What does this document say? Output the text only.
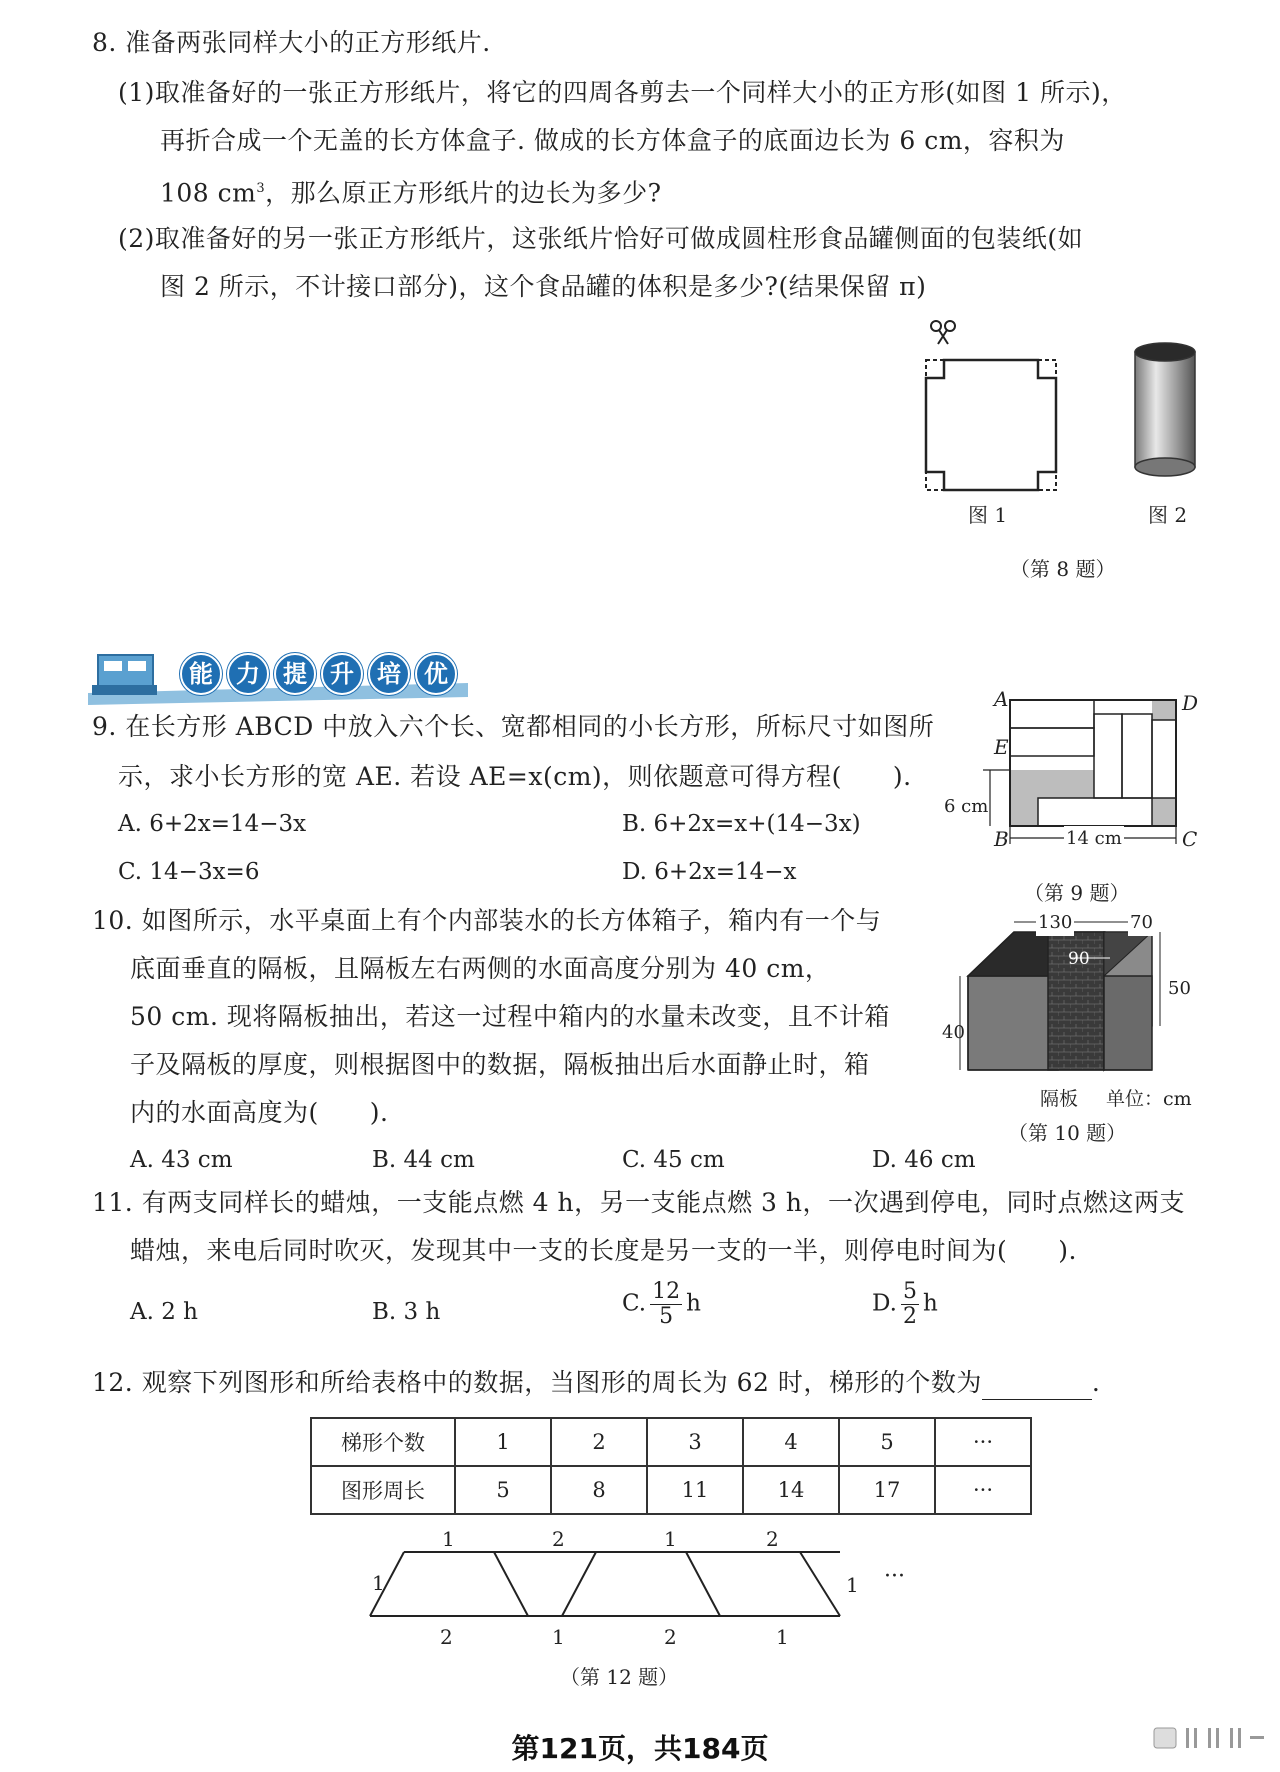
8. 准备两张同样大小的正方形纸片.
(1)取准备好的一张正方形纸片，将它的四周各剪去一个同样大小的正方形(如图 1 所示)，
再折合成一个无盖的长方体盒子. 做成的长方体盒子的底面边长为 6 cm，容积为
108 $cm^3$，那么原正方形纸片的边长为多少?
(2)取准备好的另一张正方形纸片，这张纸片恰好可做成圆柱形食品罐侧面的包装纸(如
图 2 所示，不计接口部分)，这个食品罐的体积是多少?(结果保留 π)
图 1	图 2
（第 8 题）
能 力 提 升 培 优
9. 在长方形 ABCD 中放入六个长、宽都相同的小长方形，所标尺寸如图所
示，求小长方形的宽 AE. 若设 AE=x(cm)，则依题意可得方程(　　).
A. 6+2x=14−3x	B. 6+2x=x+(14−3x)
C. 14−3x=6	D. 6+2x=14−x
A	D
E
B	C
6 cm
14 cm
（第 9 题）
10. 如图所示，水平桌面上有个内部装水的长方体箱子，箱内有一个与
底面垂直的隔板，且隔板左右两侧的水面高度分别为 40 cm，
50 cm. 现将隔板抽出，若这一过程中箱内的水量未改变，且不计箱
子及隔板的厚度，则根据图中的数据，隔板抽出后水面静止时，箱
内的水面高度为(　　).
A. 43 cm	B. 44 cm	C. 45 cm	D. 46 cm
130	70
90
50
40
隔板 单位：cm
（第 10 题）
11. 有两支同样长的蜡烛，一支能点燃 4 h，另一支能点燃 3 h，一次遇到停电，同时点燃这两支
蜡烛，来电后同时吹灭，发现其中一支的长度是另一支的一半，则停电时间为(　　).
A. 2 h	B. 3 h	C. $\frac{12}{5}$ h	D. $\frac{5}{2}$ h
12. 观察下列图形和所给表格中的数据，当图形的周长为 62 时，梯形的个数为	.
梯形个数	1	2	3	4	5	···
图形周长	5	8	11	14	17	···
1	2	1	2
2	1	2	1
1	1 ···
（第 12 题）
第121页，共184页
